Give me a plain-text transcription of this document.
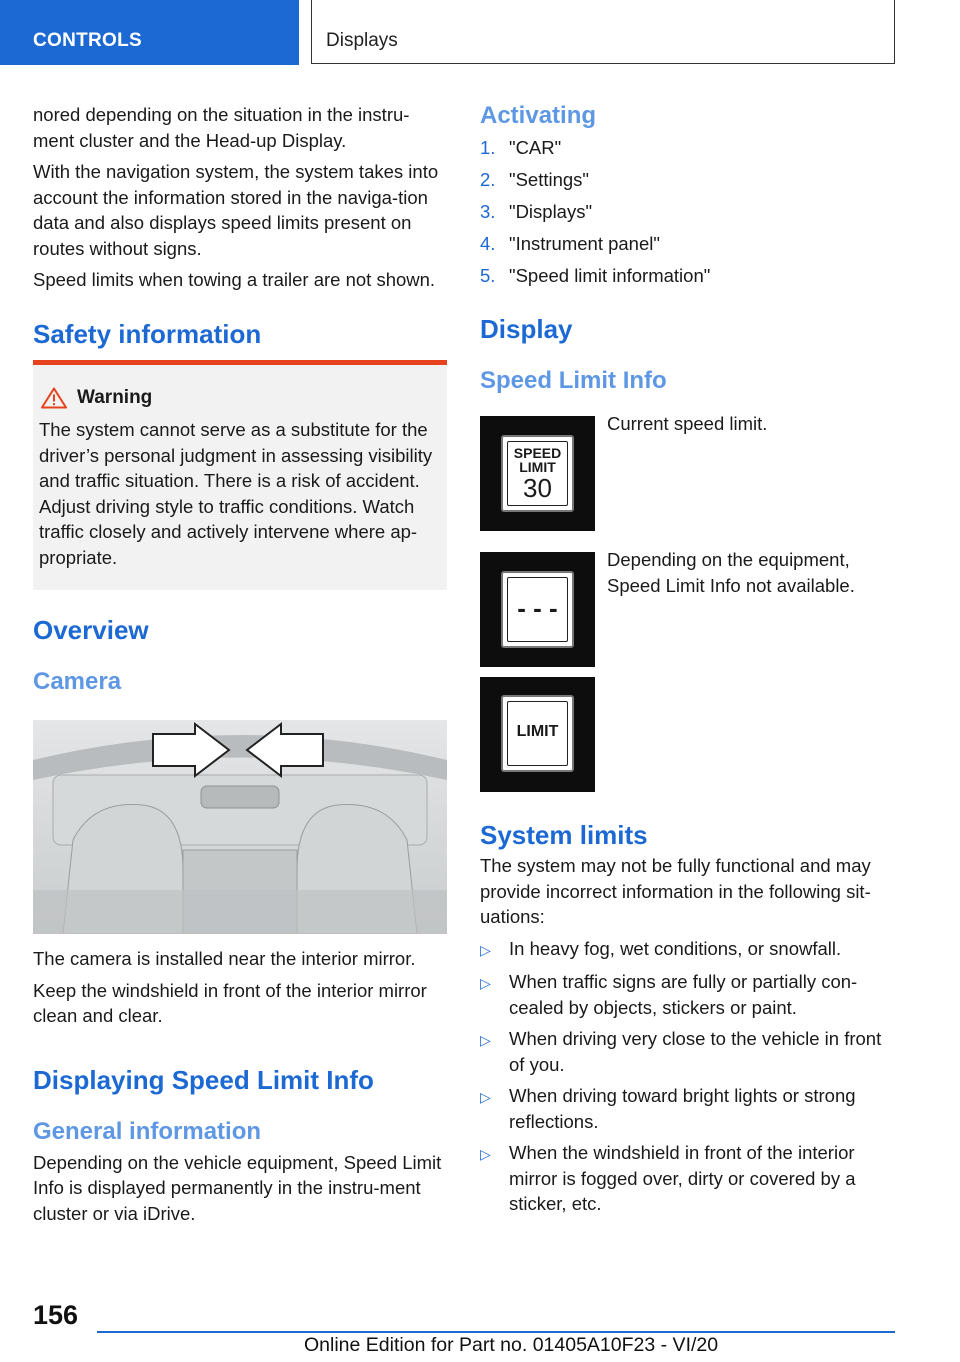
CONTROLS	Displays

nored depending on the situation in the instru-ment cluster and the Head-up Display.

With the navigation system, the system takes into account the information stored in the naviga-tion data and also displays speed limits present on routes without signs.

Speed limits when towing a trailer are not shown.

Safety information
Warning

The system cannot serve as a substitute for the driver’s personal judgment in assessing visibility and traffic situation. There is a risk of accident. Adjust driving style to traffic conditions. Watch traffic closely and actively intervene where ap-propriate.

Overview
Camera

The camera is installed near the interior mirror.

Keep the windshield in front of the interior mirror clean and clear.

Displaying Speed Limit Info
General information

Depending on the vehicle equipment, Speed Limit Info is displayed permanently in the instru-ment cluster or via iDrive.

Activating
1. "CAR"
2. "Settings"
3. "Displays"
4. "Instrument panel"
5. "Speed limit information"
Display
Speed Limit Info
SPEED
LIMIT
30

Current speed limit.

- - -

Depending on the equipment, Speed Limit Info not available.

LIMIT
System limits

The system may not be fully functional and may provide incorrect information in the following sit-uations:

▷ In heavy fog, wet conditions, or snowfall.
▷ When traffic signs are fully or partially con-cealed by objects, stickers or paint.
▷ When driving very close to the vehicle in front of you.
▷ When driving toward bright lights or strong reflections.
▷ When the windshield in front of the interior mirror is fogged over, dirty or covered by a sticker, etc.
156
Online Edition for Part no. 01405A10F23 - VI/20
